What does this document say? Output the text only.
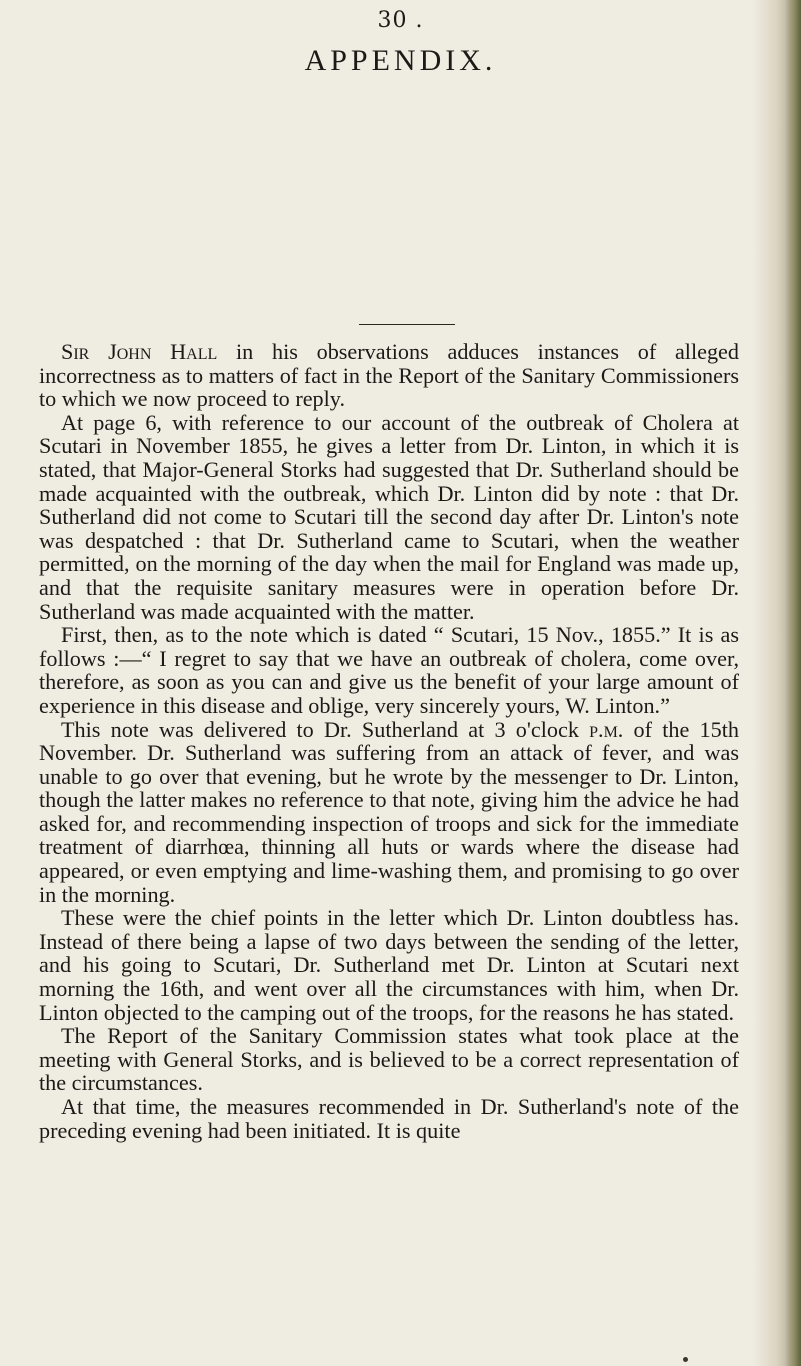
30 .
APPENDIX.

Sir John Hall in his observations adduces instances of alleged incorrectness as to matters of fact in the Report of the Sanitary Commissioners to which we now proceed to reply.

At page 6, with reference to our account of the outbreak of Cholera at Scutari in November 1855, he gives a letter from Dr. Linton, in which it is stated, that Major-General Storks had suggested that Dr. Sutherland should be made acquainted with the outbreak, which Dr. Linton did by note : that Dr. Sutherland did not come to Scutari till the second day after Dr. Linton's note was despatched : that Dr. Sutherland came to Scutari, when the weather permitted, on the morning of the day when the mail for England was made up, and that the requisite sanitary measures were in operation before Dr. Sutherland was made acquainted with the matter.

First, then, as to the note which is dated “ Scutari, 15 Nov., 1855.” It is as follows :—“ I regret to say that we have an outbreak of cholera, come over, therefore, as soon as you can and give us the benefit of your large amount of experience in this disease and oblige, very sincerely yours, W. Linton.”

This note was delivered to Dr. Sutherland at 3 o'clock p.m. of the 15th November. Dr. Sutherland was suffering from an attack of fever, and was unable to go over that evening, but he wrote by the messenger to Dr. Linton, though the latter makes no reference to that note, giving him the advice he had asked for, and recommending inspection of troops and sick for the immediate treatment of diarrhœa, thinning all huts or wards where the disease had appeared, or even emptying and lime-washing them, and promising to go over in the morning.

These were the chief points in the letter which Dr. Linton doubtless has. Instead of there being a lapse of two days between the sending of the letter, and his going to Scutari, Dr. Sutherland met Dr. Linton at Scutari next morning the 16th, and went over all the circumstances with him, when Dr. Linton objected to the camping out of the troops, for the reasons he has stated.

The Report of the Sanitary Commission states what took place at the meeting with General Storks, and is believed to be a correct representation of the circumstances.

At that time, the measures recommended in Dr. Sutherland's note of the preceding evening had been initiated. It is quite
